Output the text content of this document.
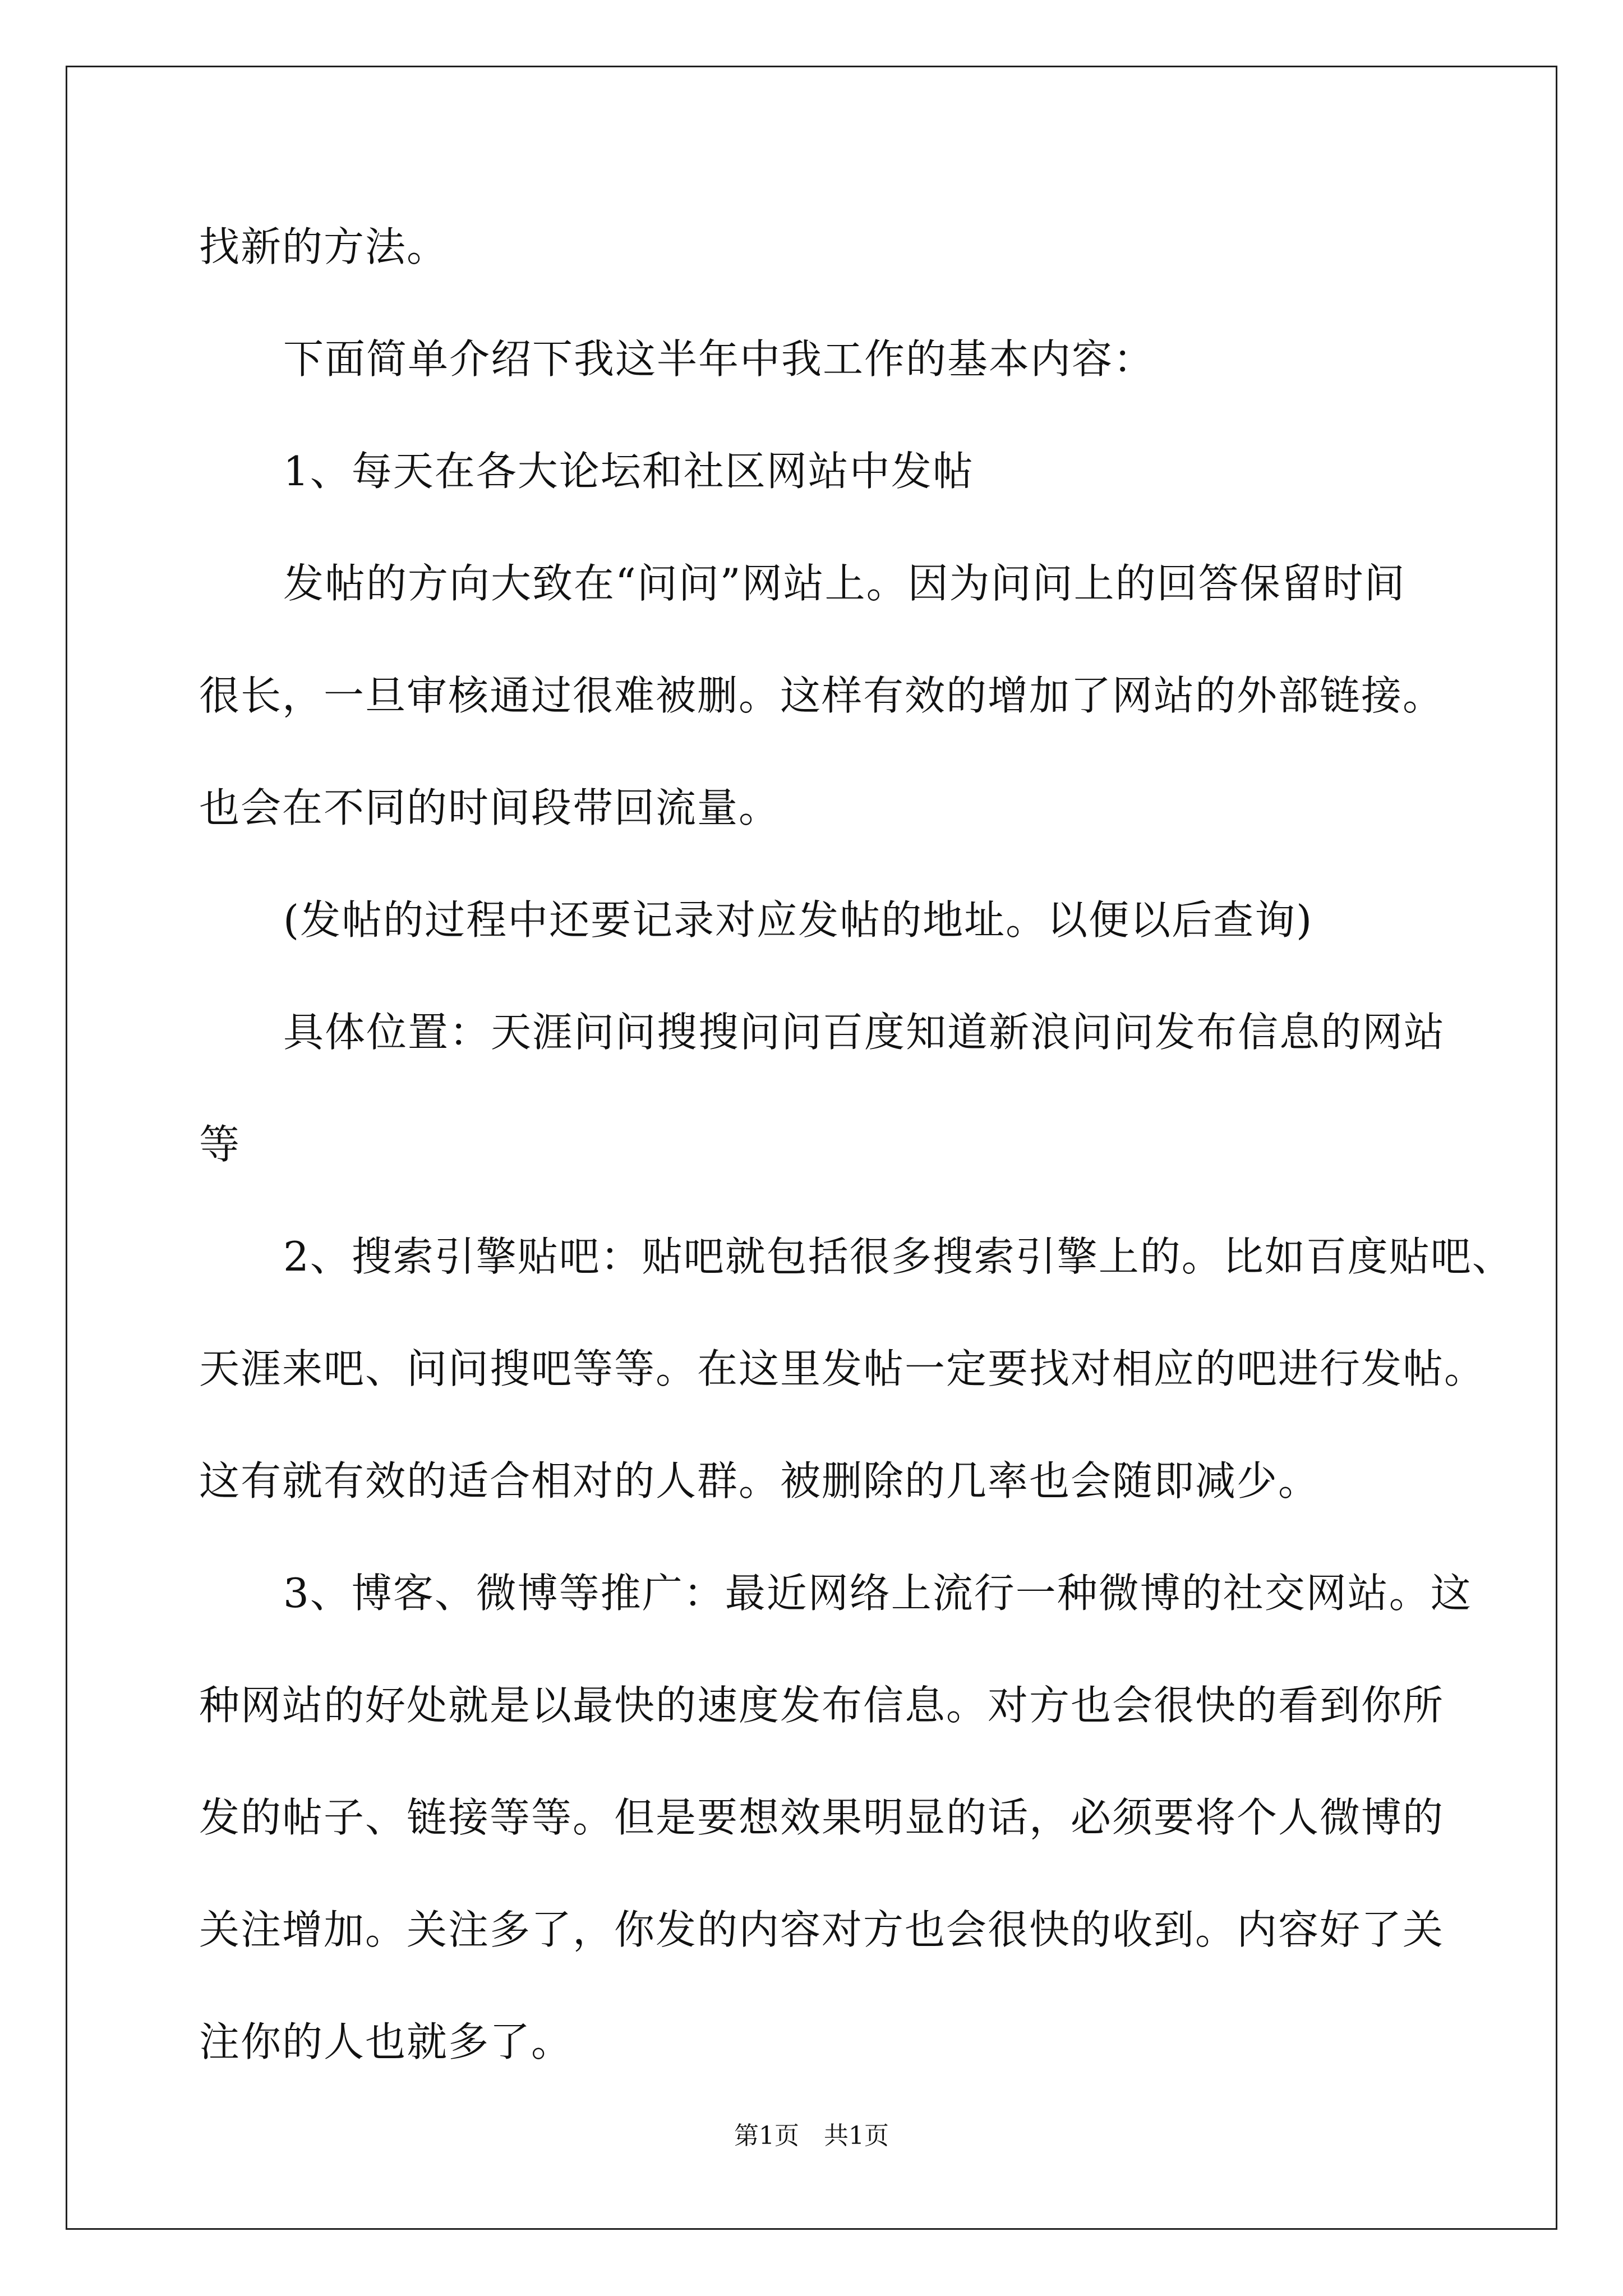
找新的方法。
下面简单介绍下我这半年中我工作的基本内容：
1、每天在各大论坛和社区网站中发帖
发帖的方向大致在“问问”网站上。因为问问上的回答保留时间
很长，一旦审核通过很难被删。这样有效的增加了网站的外部链接。
也会在不同的时间段带回流量。
(发帖的过程中还要记录对应发帖的地址。以便以后查询)
具体位置：天涯问问搜搜问问百度知道新浪问问发布信息的网站
等
2、搜索引擎贴吧：贴吧就包括很多搜索引擎上的。比如百度贴吧、
天涯来吧、问问搜吧等等。在这里发帖一定要找对相应的吧进行发帖。
这有就有效的适合相对的人群。被删除的几率也会随即减少。
3、博客、微博等推广：最近网络上流行一种微博的社交网站。这
种网站的好处就是以最快的速度发布信息。对方也会很快的看到你所
发的帖子、链接等等。但是要想效果明显的话，必须要将个人微博的
关注增加。关注多了，你发的内容对方也会很快的收到。内容好了关
注你的人也就多了。
第1页　共1页
